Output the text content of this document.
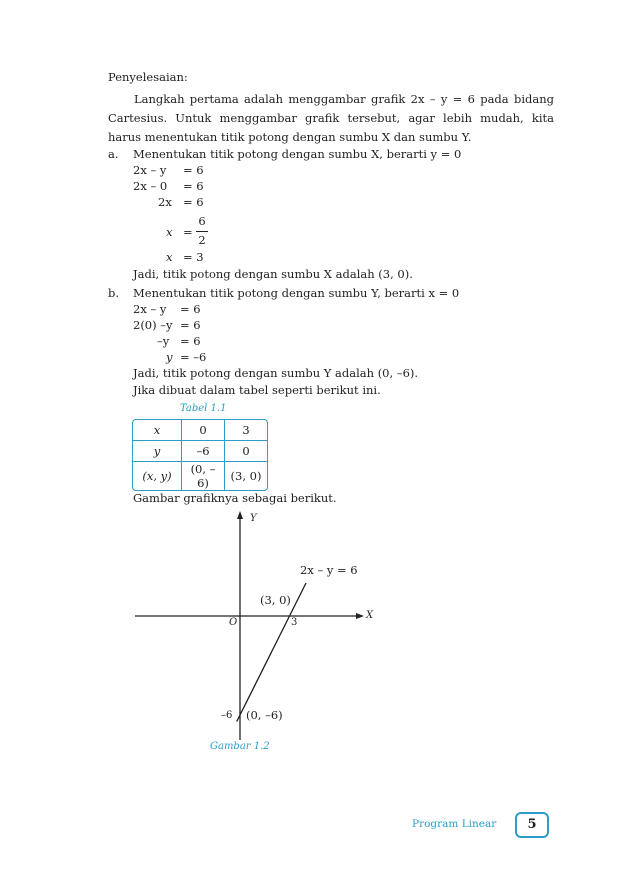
Penyelesaian:
Langkah pertama adalah menggambar grafik 2x – y = 6 pada bidang
Cartesius. Untuk menggambar grafik tersebut, agar lebih mudah, kita
harus menentukan titik potong dengan sumbu X dan sumbu Y.
a. Menentukan titik potong dengan sumbu X, berarti y = 0
2x – y = 6
2x – 0 = 6
2x = 6
x =
6
2
x = 3
Jadi, titik potong dengan sumbu X adalah (3, 0).
b. Menentukan titik potong dengan sumbu Y, berarti x = 0
2x – y = 6
2(0) –y = 6
–y = 6
y = –6
Jadi, titik potong dengan sumbu Y adalah (0, –6).
Jika dibuat dalam tabel seperti berikut ini.
Tabel 1.1
x	0	3
y	–6	0
(x, y)	(0, –6)	(3, 0)
Gambar grafiknya sebagai berikut.
Y
X
O	3
–6
2x – y = 6
(3, 0)
(0, –6)
Gambar 1.2
Program Linear	5
